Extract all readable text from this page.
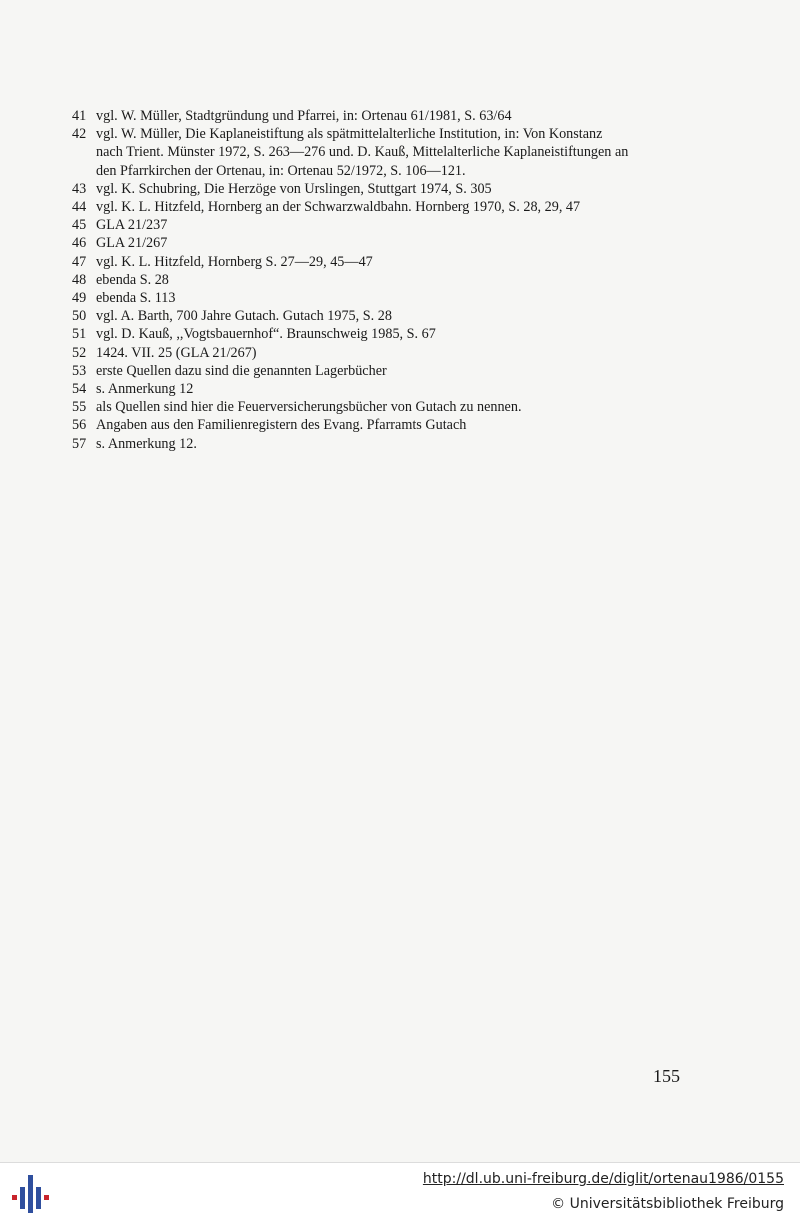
41 vgl. W. Müller, Stadtgründung und Pfarrei, in: Ortenau 61/1981, S. 63/64
42 vgl. W. Müller, Die Kaplaneistiftung als spätmittelalterliche Institution, in: Von Konstanz
nach Trient. Münster 1972, S. 263—276 und. D. Kauß, Mittelalterliche Kaplaneistiftungen an
den Pfarrkirchen der Ortenau, in: Ortenau 52/1972, S. 106—121.
43 vgl. K. Schubring, Die Herzöge von Urslingen, Stuttgart 1974, S. 305
44 vgl. K. L. Hitzfeld, Hornberg an der Schwarzwaldbahn. Hornberg 1970, S. 28, 29, 47
45 GLA 21/237
46 GLA 21/267
47 vgl. K. L. Hitzfeld, Hornberg S. 27—29, 45—47
48 ebenda S. 28
49 ebenda S. 113
50 vgl. A. Barth, 700 Jahre Gutach. Gutach 1975, S. 28
51 vgl. D. Kauß, ,,Vogtsbauernhof“. Braunschweig 1985, S. 67
52 1424. VII. 25 (GLA 21/267)
53 erste Quellen dazu sind die genannten Lagerbücher
54 s. Anmerkung 12
55 als Quellen sind hier die Feuerversicherungsbücher von Gutach zu nennen.
56 Angaben aus den Familienregistern des Evang. Pfarramts Gutach
57 s. Anmerkung 12.
155
http://dl.ub.uni-freiburg.de/diglit/ortenau1986/0155
© Universitätsbibliothek Freiburg
